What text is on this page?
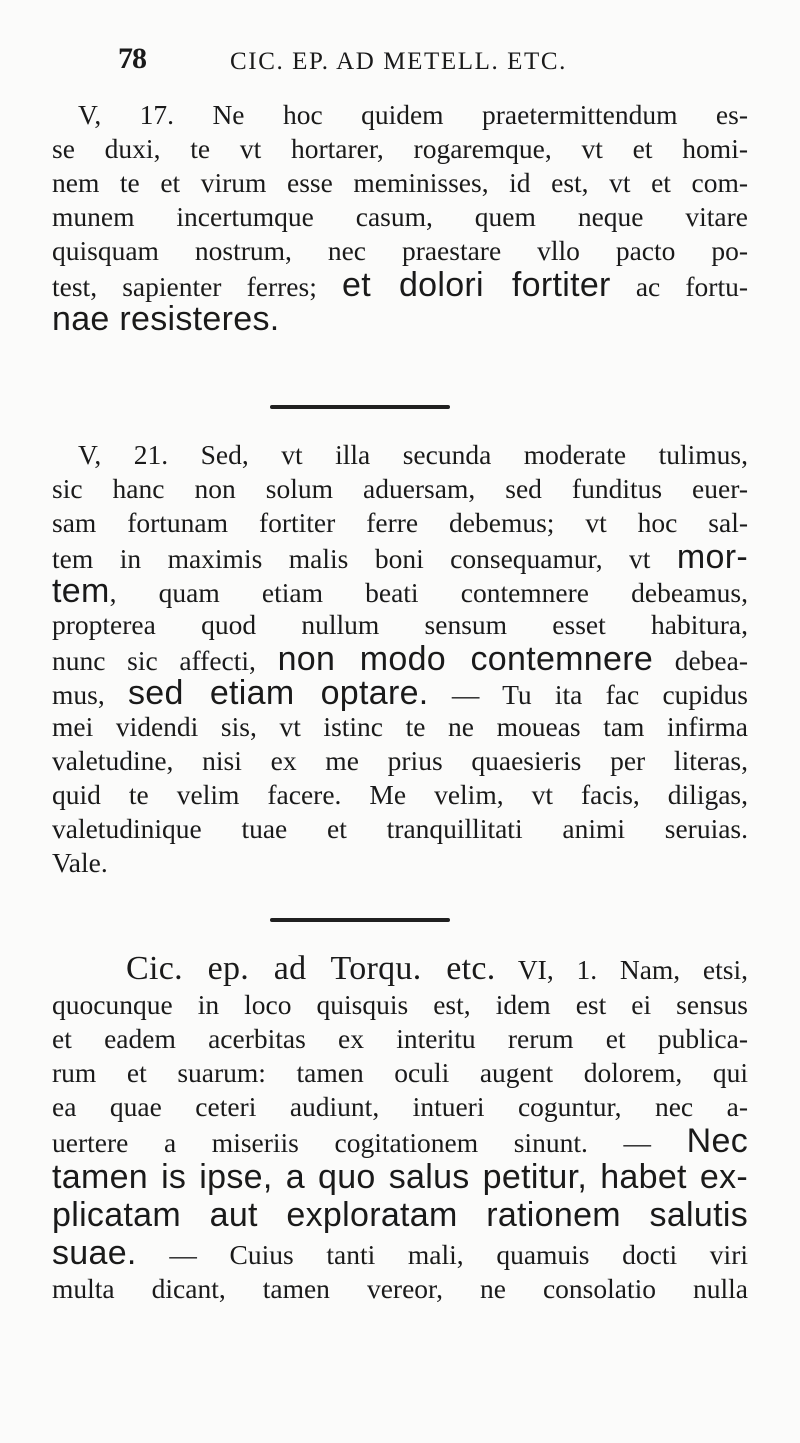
78	CIC. EP. AD METELL. ETC.
V, 17. Ne hoc quidem praetermittendum es-
se duxi, te vt hortarer, rogaremque, vt et homi-
nem te et virum esse meminisses, id est, vt et com-
munem incertumque casum, quem neque vitare
quisquam nostrum, nec praestare vllo pacto po-
test, sapienter ferres; et dolori fortiter ac fortu-
nae resisteres.
V, 21. Sed, vt illa secunda moderate tulimus,
sic hanc non solum aduersam, sed funditus euer-
sam fortunam fortiter ferre debemus; vt hoc sal-
tem in maximis malis boni consequamur, vt mor-
tem, quam etiam beati contemnere debeamus,
propterea quod nullum sensum esset habitura,
nunc sic affecti, non modo contemnere debea-
mus, sed etiam optare. — Tu ita fac cupidus
mei videndi sis, vt istinc te ne moueas tam infirma
valetudine, nisi ex me prius quaesieris per literas,
quid te velim facere. Me velim, vt facis, diligas,
valetudinique tuae et tranquillitati animi seruias.
Vale.
Cic. ep. ad Torqu. etc. VI, 1. Nam, etsi,
quocunque in loco quisquis est, idem est ei sensus
et eadem acerbitas ex interitu rerum et publica-
rum et suarum: tamen oculi augent dolorem, qui
ea quae ceteri audiunt, intueri coguntur, nec a-
uertere a miseriis cogitationem sinunt. — Nec
tamen is ipse, a quo salus petitur, habet ex-
plicatam aut exploratam rationem salutis
suae. — Cuius tanti mali, quamuis docti viri
multa dicant, tamen vereor, ne consolatio nulla
